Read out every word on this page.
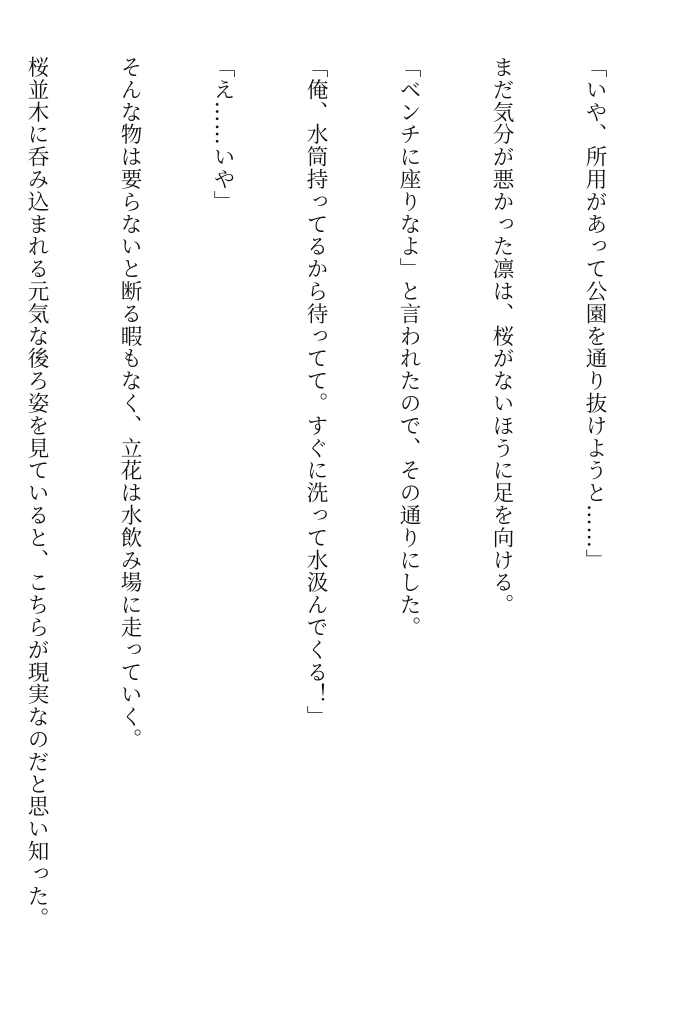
「いや、所用があって公園を通り抜けようと……」

まだ気分が悪かった凛は、桜がないほうに足を向ける。

「ベンチに座りなよ」と言われたので、その通りにした。

「俺、水筒持ってるから待ってて。すぐに洗って水汲んでくる！」

「え……いや」

そんな物は要らないと断る暇もなく、立花は水飲み場に走っていく。

桜並木に呑み込まれる元気な後ろ姿を見ていると、こちらが現実なのだと思い知った。
